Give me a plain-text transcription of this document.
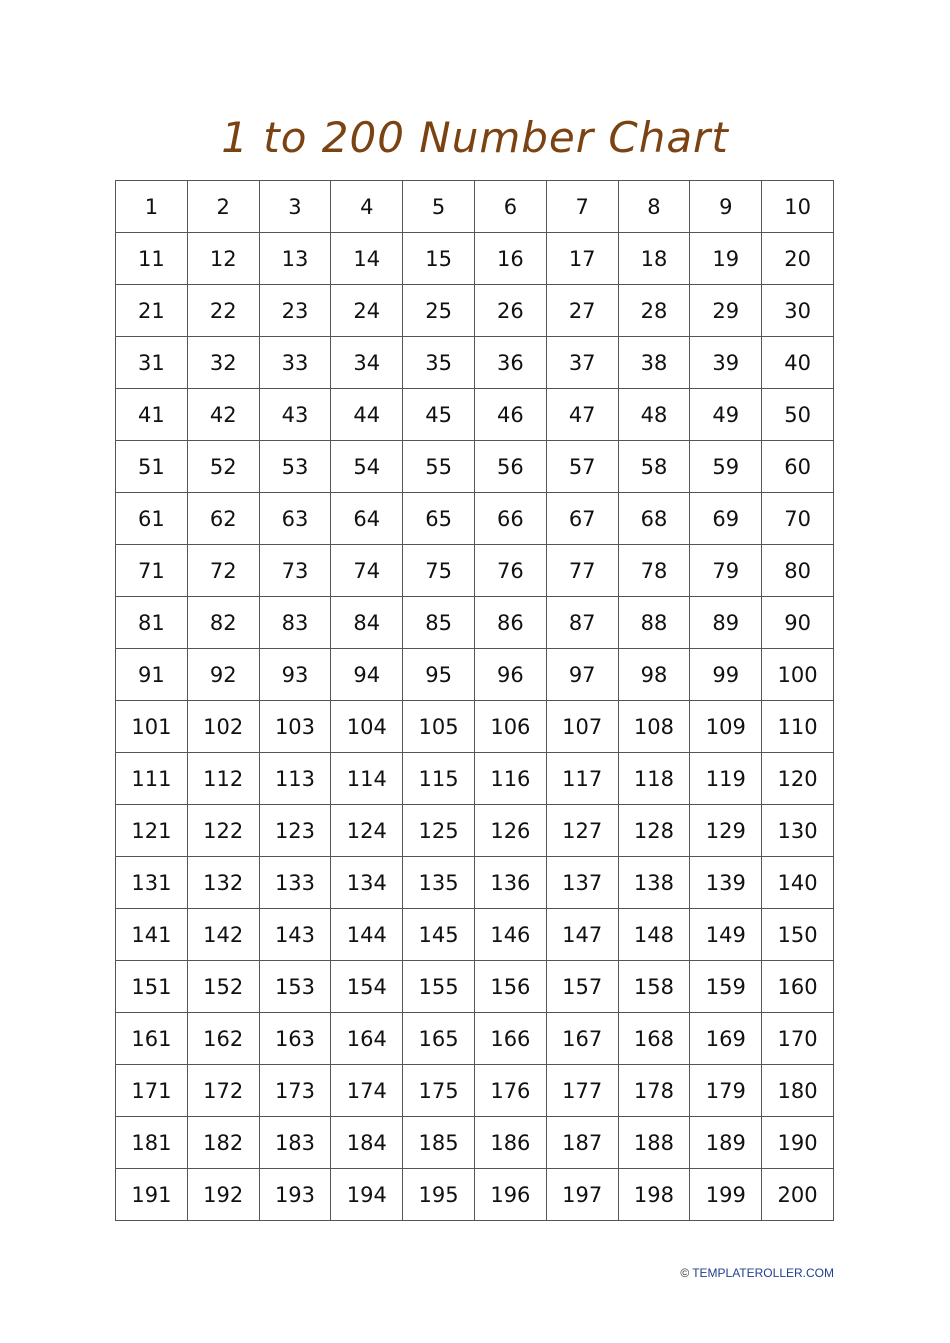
1 to 200 Number Chart
1	2	3	4	5	6	7	8	9	10
11	12	13	14	15	16	17	18	19	20
21	22	23	24	25	26	27	28	29	30
31	32	33	34	35	36	37	38	39	40
41	42	43	44	45	46	47	48	49	50
51	52	53	54	55	56	57	58	59	60
61	62	63	64	65	66	67	68	69	70
71	72	73	74	75	76	77	78	79	80
81	82	83	84	85	86	87	88	89	90
91	92	93	94	95	96	97	98	99	100
101	102	103	104	105	106	107	108	109	110
111	112	113	114	115	116	117	118	119	120
121	122	123	124	125	126	127	128	129	130
131	132	133	134	135	136	137	138	139	140
141	142	143	144	145	146	147	148	149	150
151	152	153	154	155	156	157	158	159	160
161	162	163	164	165	166	167	168	169	170
171	172	173	174	175	176	177	178	179	180
181	182	183	184	185	186	187	188	189	190
191	192	193	194	195	196	197	198	199	200
© TEMPLATEROLLER.COM
